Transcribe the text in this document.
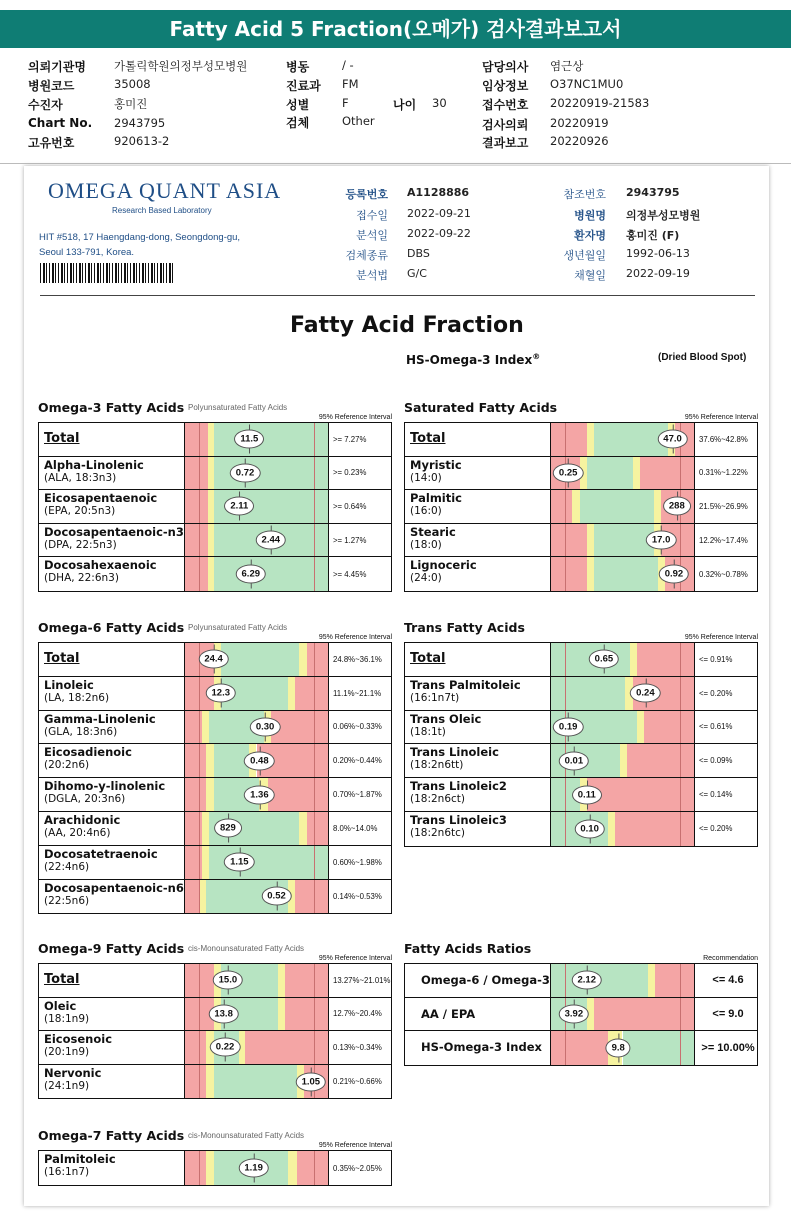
Fatty Acid 5 Fraction(오메가) 검사결과보고서
의뢰기관명 가톨릭학원의정부성모병원
병원코드	35008
수진자	홍미진
Chart No. 2943795
고유번호	920613-2
병동	/ -
진료과 FM
성별	F	나이 30
검체	Other
담당의사 염근상
임상정보 O37NC1MU0
접수번호 20220919-21583
검사의뢰 20220919
결과보고 20220926
OMEGA QUANT ASIA
Research Based Laboratory
HIT #518, 17 Haengdang-dong, Seongdong-gu,
Seoul 133-791, Korea.
등록번호 A1128886
접수일 2022-09-21
분석일 2022-09-22
검체종류 DBS
분석법 G/C
참조번호 2943795
병원명 의정부성모병원
환자명 홍미진 (F)
생년월일 1992-06-13
채혈일 2022-09-19
Fatty Acid Fraction
HS-Omega-3 Index®	(Dried Blood Spot)
Omega-3 Fatty Acids Polyunsaturated Fatty Acids
95% Reference Interval
Total	11.5	>= 7.27%
Alpha-Linolenic
(ALA, 18:3n3)	0.72	>= 0.23%
Eicosapentaenoic
(EPA, 20:5n3)	2.11	>= 0.64%
Docosapentaenoic-n3
(DPA, 22:5n3)	2.44	>= 1.27%
Docosahexaenoic
(DHA, 22:6n3)	6.29	>= 4.45%
Saturated Fatty Acids
95% Reference Interval
Total	47.0	37.6%~42.8%
Myristic
(14:0)	0.25	0.31%~1.22%
Palmitic
(16:0)	288	21.5%~26.9%
Stearic
(18:0)	17.0	12.2%~17.4%
Lignoceric
(24:0)	0.92	0.32%~0.78%
Omega-6 Fatty Acids Polyunsaturated Fatty Acids
95% Reference Interval
Total	24.4	24.8%~36.1%
Linoleic
(LA, 18:2n6)	12.3	11.1%~21.1%
Gamma-Linolenic
(GLA, 18:3n6)	0.30	0.06%~0.33%
Eicosadienoic
(20:2n6)	0.48	0.20%~0.44%
Dihomo-y-linolenic
(DGLA, 20:3n6)	1.36	0.70%~1.87%
Arachidonic
(AA, 20:4n6)	829	8.0%~14.0%
Docosatetraenoic
(22:4n6)	1.15	0.60%~1.98%
Docosapentaenoic-n6
(22:5n6)	0.52	0.14%~0.53%
Trans Fatty Acids
95% Reference Interval
Total	0.65	<= 0.91%
Trans Palmitoleic
(16:1n7t)	0.24	<= 0.20%
Trans Oleic
(18:1t)	0.19	<= 0.61%
Trans Linoleic
(18:2n6tt)	0.01	<= 0.09%
Trans Linoleic2
(18:2n6ct)	0.11	<= 0.14%
Trans Linoleic3
(18:2n6tc)	0.10	<= 0.20%
Omega-9 Fatty Acids cis-Monounsaturated Fatty Acids
95% Reference Interval
Total	15.0	13.27%~21.01%
Oleic
(18:1n9)	13.8	12.7%~20.4%
Eicosenoic
(20:1n9)	0.22	0.13%~0.34%
Nervonic
(24:1n9)	1.05	0.21%~0.66%
Fatty Acids Ratios
Recommendation
Omega-6 / Omega-3	2.12	<= 4.6
AA / EPA	3.92	<= 9.0
HS-Omega-3 Index	9.8	>= 10.00%
Omega-7 Fatty Acids cis-Monounsaturated Fatty Acids
95% Reference Interval
Palmitoleic
(16:1n7)	1.19	0.35%~2.05%
